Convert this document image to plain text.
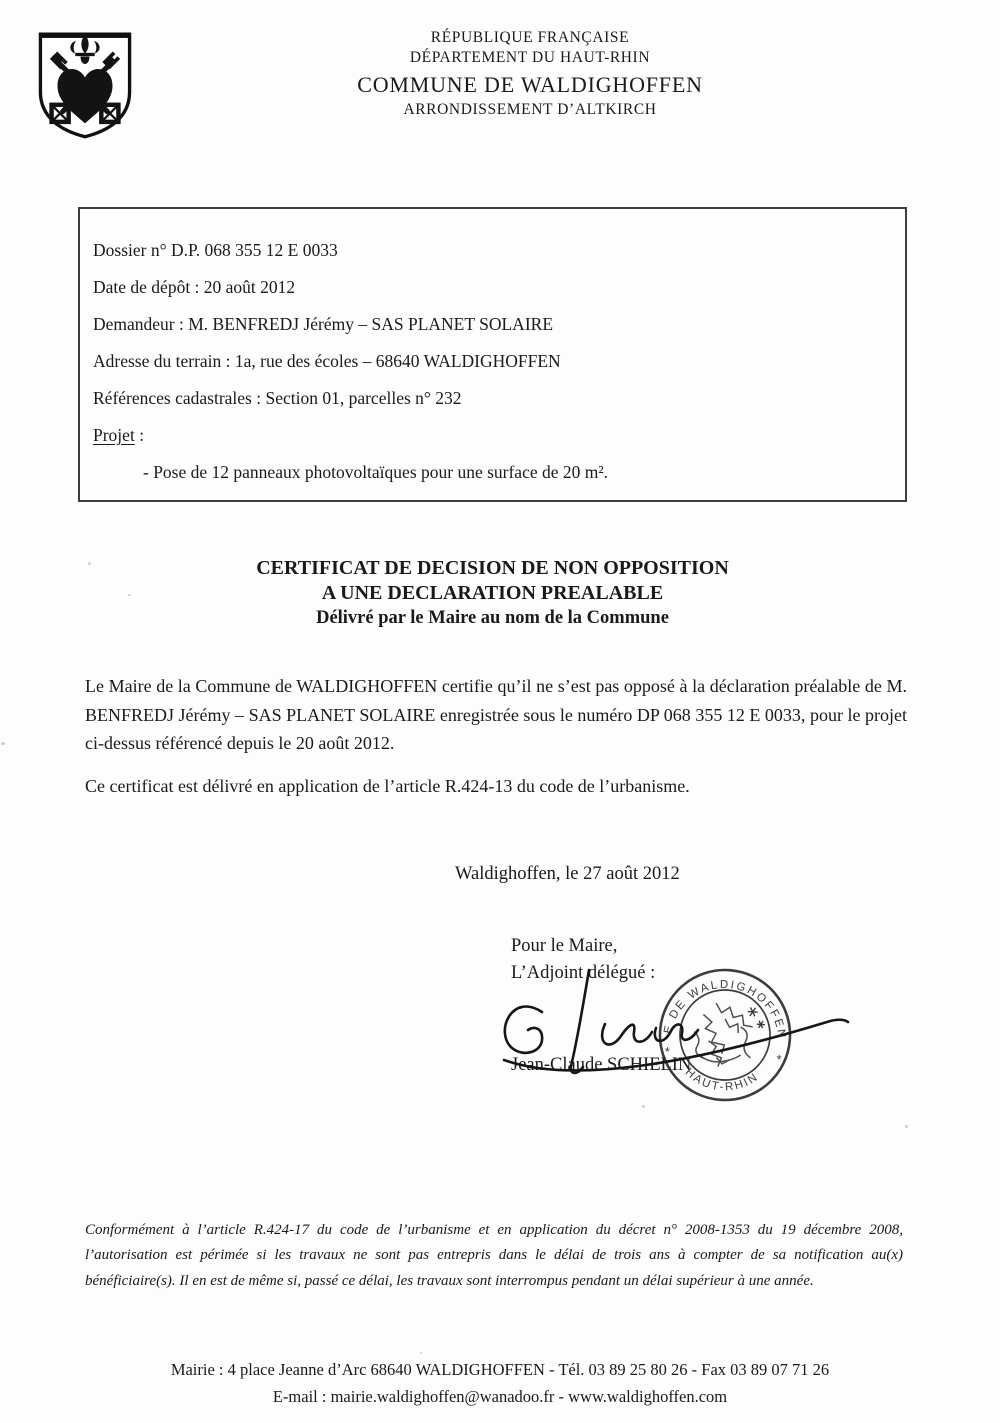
RÉPUBLIQUE FRANÇAISE
DÉPARTEMENT DU HAUT-RHIN
COMMUNE DE WALDIGHOFFEN
ARRONDISSEMENT D’ALTKIRCH
Dossier n° D.P. 068 355 12 E 0033
Date de dépôt : 20 août 2012
Demandeur : M. BENFREDJ Jérémy – SAS PLANET SOLAIRE
Adresse du terrain : 1a, rue des écoles – 68640 WALDIGHOFFEN
Références cadastrales : Section 01, parcelles n° 232
Projet :
- Pose de 12 panneaux photovoltaïques pour une surface de 20 m².
CERTIFICAT DE DECISION DE NON OPPOSITION
A UNE DECLARATION PREALABLE
Délivré par le Maire au nom de la Commune
Le Maire de la Commune de WALDIGHOFFEN certifie qu’il ne s’est pas opposé à la déclaration préalable de M. BENFREDJ Jérémy – SAS PLANET SOLAIRE enregistrée sous le numéro DP 068 355 12 E 0033, pour le projet ci-dessus référencé depuis le 20 août 2012.
Ce certificat est délivré en application de l’article R.424-13 du code de l’urbanisme.
Waldighoffen, le 27 août 2012
Pour le Maire,
L’Adjoint délégué :
Jean-Claude SCHIELIN
E DE WALDIGHOFFEN
HAUT-RHIN
*
*
Conformément à l’article R.424-17 du code de l’urbanisme et en application du décret n° 2008-1353 du 19 décembre 2008, l’autorisation est périmée si les travaux ne sont pas entrepris dans le délai de trois ans à compter de sa notification au(x) bénéficiaire(s). Il en est de même si, passé ce délai, les travaux sont interrompus pendant un délai supérieur à une année.
Mairie : 4 place Jeanne d’Arc 68640 WALDIGHOFFEN - Tél. 03 89 25 80 26 - Fax 03 89 07 71 26
E-mail : mairie.waldighoffen@wanadoo.fr - www.waldighoffen.com
